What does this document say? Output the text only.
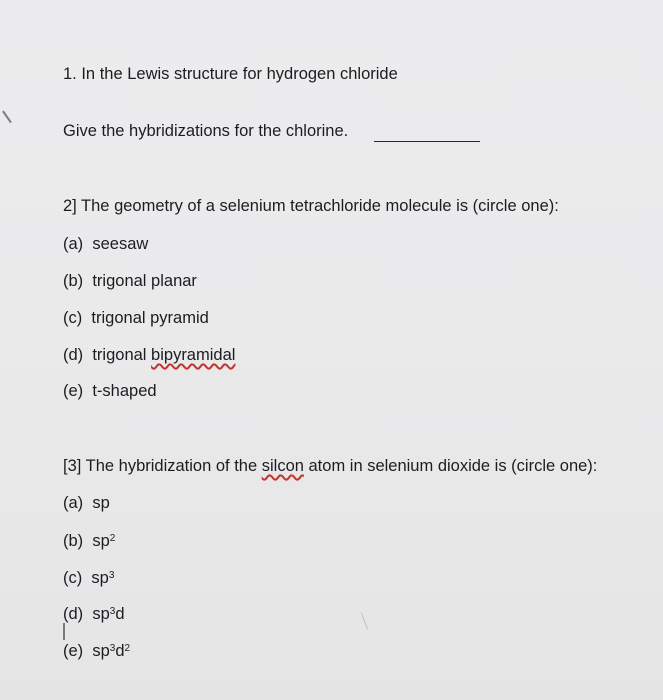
1. In the Lewis structure for hydrogen chloride
Give the hybridizations for the chlorine.
2] The geometry of a selenium tetrachloride molecule is (circle one):
(a) seesaw
(b) trigonal planar
(c) trigonal pyramid
(d) trigonal bipyramidal
(e) t-shaped
[3] The hybridization of the silcon atom in selenium dioxide is (circle one):
(a) sp
(b) $sp^2$
(c) $sp^3$
(d) $sp^3d$
(e) $sp^3d^2$
